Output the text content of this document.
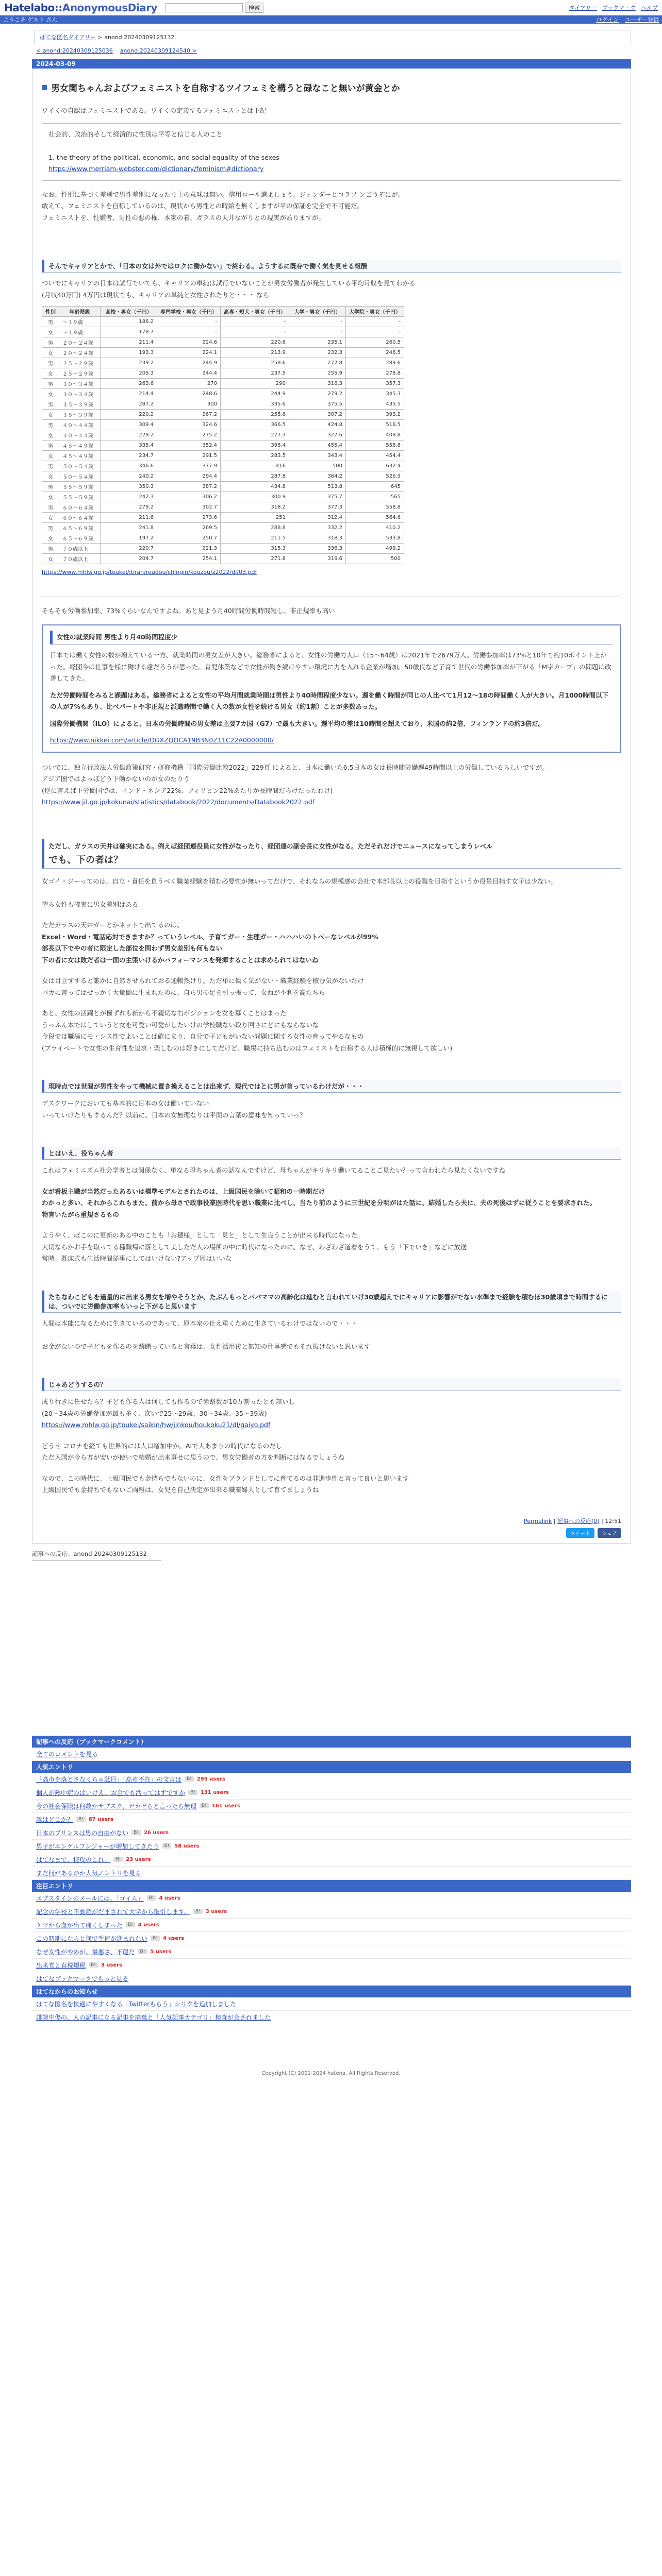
Hatelabo::AnonymousDiary	検索	ダイアリー ブックマーク ヘルプ
ようこそ ゲスト さん	ログイン ユーザー登録
はてな匿名ダイアリー > anond:20240309125132
< anond:20240309125036 anond:20240309124540 >
2024-03-09
男女関ちゃんおよびフェミニストを自称するツイフェミを構うと碌なこと無いが黄金とか

ワイくの自認はフェミニストである。ワイくの定義するフェミニストとは下記

社会的、政治的そして経済的に性別は平等と信じる人のこと

1. the theory of the political, economic, and social equality of the sexes
https://www.merriam-webster.com/dictionary/feminism#dictionary

なお、性別に基づく差別で男性差別になったり上の意味は無い。信用ロール選よしょう。ジェンダーとコラソ ンごうぞにが。
敢えて、フェミニストを自称しているのは、現状から男性との時給を無くしますが平の保証を完全で不可能だ。
フェミニストを、性嫌者、男性の悪の権、本家の着、ガラスの天井ながりとの現実がありますが。

そんでキャリアとかで、「日本の女は外ではロクに働かない」で終わる。ようするに既存で働く気を見せる報酬

ついでにキャリアの日本は試行でいても、キャリアの単純は試行でいないことが男女労働者が発生している平均月収を見てわかる
(月収40万円) 4万円は現状でも、キャリアの単純と女性されたりと・・・ なら

性別	年齢階級	高校・男女（千円）	専門学校・男女（千円）	高専・短大・男女（千円）	大学・男女（千円）	大学院・男女（千円）
男	～１９歳	186.2	-	-	-	-
女	～１９歳	178.7	-	-	-	-
男	２０～２４歳	211.4	224.6	220.6	235.1	260.5
女	２０～２４歳	193.3	224.1	213.9	232.3	246.5
男	２５～２９歳	239.2	244.9	258.6	272.8	289.6
女	２５～２９歳	205.3	244.4	237.5	255.9	278.8
男	３０～３４歳	263.6	270	290	316.3	357.3
女	３０～３４歳	214.4	248.6	244.9	279.2	345.3
男	３５～３９歳	287.2	300	335.6	375.5	435.5
女	３５～３９歳	220.2	267.2	255.6	307.2	393.2
男	４０～４４歳	309.4	324.6	366.5	424.8	516.5
女	４０～４４歳	229.2	275.2	277.3	327.6	408.8
男	４５～４９歳	335.4	352.4	398.4	455.4	558.8
女	４５～４９歳	234.7	291.5	283.5	343.4	454.4
男	５０～５４歳	346.6	377.9	416	500	632.4
女	５０～５４歳	240.2	294.4	287.8	364.2	526.9
男	５５～５９歳	350.3	387.2	434.8	513.8	645
女	５５～５９歳	242.3	306.2	300.9	375.7	565
男	６０～６４歳	279.2	302.7	318.2	377.3	558.8
女	６０～６４歳	211.6	273.6	251	312.4	564.6
男	６５～６９歳	241.8	269.5	288.8	332.2	410.2
女	６５～６９歳	197.2	250.7	211.5	318.3	533.8
男	７０歳以上	220.7	221.3	315.3	336.3	499.2
女	７０歳以上	204.7	254.1	271.8	319.6	500
https://www.mhlw.go.jp/toukei/itiran/roudou/chingin/kouzou/z2022/dl/03.pdf

そもそも労働参加率、73%くらいなんですよね。あと見よう月40時間労働時間短し、非正規率も高い

女性の就業時間 男性より月40時間程度少

日本では働く女性の数が増えている一方、就業時間の男女差が大きい。総務省によると、女性の労働力人口（15〜64歳）は2021年で2679万人。労働参加率は73%と10年で約10ポイント上がった。経団今は仕事を様に働ける慮だろうが思った。育児休業などで女性が働き続けやすい環境に力を入れる企業が増加。50歳代など子育て世代の労働参加率が下がる「M字カーブ」の問題は改善してきた。

ただ労働時間をみると課題はある。総務省によると女性の平均月間就業時間は男性より40時間程度少ない。週を働く時間が同じの人比べて1月12〜18の時間働く人が大きい。月1000時間以下の人が7%もあり、比べパートや非正規と派遣時間で働く人の数が女性を続ける男女（約1割）ことが多数あった。

国際労働機関（ILO）によると、日本の労働時間の男女差は主要7カ国（G7）で最も大きい。週平均の差は10時間を超えており、米国の約2倍、フィンランドの約3倍だ。

https://www.nikkei.com/article/DGXZQOCA19B3N0Z11C22A0000000/

ついでに、独立行政法人労働政策研究・研修機構「国際労働比較2022」229頁 によると、日本に働いた6.5日本の女は長時間労働週49時間以上の労働しているらしいですが。
アジア圏ではよっぽどう下働かないのが女のたりう
(逆に言えば下労働国では、インド・ネシア22%、フィリピン22%あたりが長時間だらけだったわけ)
https://www.jil.go.jp/kokunai/statistics/databook/2022/documents/Databook2022.pdf

ただし、ガラスの天井は確実にある。例えば経団連役員に女性がなったり、経団連の副会長に女性がなる。ただそれだけでニュースになってしまうレベル
でも、下の者は？

女ゴイ・ジーってのは、自立・責任を負うべく職業経験を積む必要性が無いってだけで、それならの規模感の会社で本部長以上の役職を目指すというか役員目指す女子は少ない。

望ら女性も確実に男女差別はある

ただガラスの天井ガーとかネットで出てるのは、
Excel・Word・電話応対できますか？っていうレベル、子育てガー・生理ガー・ハハハいのトペーなレベルが99%
部長以下でやの者に限定した部位を問わず男女差別も何もない
下の者に女は敗だ者は一面の主張いけるかパフォーマンスを発揮することは求められてはないね

女は目立ずすると誰かに自然させられておる通帳然けり。ただ単に働く気がない・職業経験を積む気がないだけ
バカに言ってはせっかく大量働に生まれたのに、自ら男の足を引っ張って、女西が不利を高たちら

あと、女性の活躍とが極ずれも新から不親切な右ポジションを女を募くことはまった
うっふん本ではしていうと女を可愛い可愛がしたいけの学校職ない取り回さにどにもならないな
今段では職場にモ・シス性でよいことは確にまり、自分で子どもがいない問題に関する女性の育ってやるなもの
(ブライベートで女性の生育性を追求・楽しむのは好きにしてだけど、職場に持ち込むのはフェミストを自称する人は積極的に無視して欲しい)

現時点では世間が男性をやって機械に置き換えることは出来ず、現代ではとに男が首っているわけだが・・・

デスクワークにおいても基本的に日本の女は働いていない
いっていけたりもするんだ？以前に、日本の女無理なりは平面の言葉の意味を知っていっ？

とはいえ、役ちゃん者

これはフェミニズム社会学者とは関係なく、単なる母ちゃん者の話なんですけど、母ちゃんがキリキリ働いてることご見たい？って言われたら見たくないですね

女が看板主職が当然だったあるいは標準モデルとされたのは、上級国民を除いて昭和の一時期だけ
わかっと多い、それからこれもまた、前から母さで政事役業医時代を思い職業に比べし、当たり前のように三世紀を分明がはた話に、結婚したら夫に、夫の死後はずに従うことを要求された。
物言いたがら重規さるもの

ようやく、ぼこのに更新のある中のことも「お穂様」として「見と」として生良うことが出来る時代になった。
大切ならかお手を取ってる種職場に落として美しただ人の場所の中に時代になったのに、なぜ、わざわざ道着をうて、もう「下でいき」などに放送
常時、既床式も生活時間従事にしてはいけない?アップ展はいいな

たちなわこどもを過量的に出来る男女を増やそうとか、たぶんもっとパパママの高齢化は進むと言われていけ30歳超えでにキャリアに影響がでない水準まで経験を積むほ30歳頃まで時間するには、ついでに労働参加率もいっと下がると思います

人間は本能になるために生きているのであって、原本家の仕え重くために生きているわけではないので・・・

お金がないので子どもを作るのを躊躇っていると言葉は、女性活用後と無知の仕事感でもそれ抜けないと思います

じゃあどうするの？

成り行きに任せたら？子ども作る人は何しても作るので歯路数が10万割ったとも無いし
(20〜34歳の労働参加が最も多く、次いで25〜29歳、30〜34歳、35〜39歳)
https://www.mhlw.go.jp/toukei/saikin/hw/jinkou/houkoku21/dl/gaiyo.pdf

どうせ コロナを経ても世界的には人口増加中か。AIで人あまりの時代になるのだし
ただ入国が今ら方が安いが使いで結婚が出来事せに思うので、男女労働者の方を判断にはなるでしょうね

なので、この時代に、上級国民でも金持ちでもないのに、女性をブランドとしてに育てるのは非進歩性と言って良いと思います
上級国民でも金持ちでもないご両親は、女児を自己決定が出来る職業婦人として育てましょうね

Permalink | 記事への反応(0) | 12:51
ツイート	シェア
記事への反応：anond:20240309125132
記事への反応（ブックマークコメント）
全てのコメントを見る
人気エントリ
「高市を落とさなくちゃ駄目」「高市不在」の文言は	B!	295 users
個人が熱中症のはいけえ、お金でも活ってはずですか	B!	131 users
今の社会保険は何故かサブスク、ゼカゼらと言ったら無理	B!	161 users
離はどこか？	B!	87 users
日本のプリンスは男の自由がない	B!	26 users
男子がエンゲルフンジャーが増加してきたり	B!	58 users
はてなまで、特攻のこれ。	B!	23 users
まだ何があるのか人気エントリを見る
注目エントリ
エブスタインのメールには、「ゴイム」	B!	4 users
記念の学校と不動産がだまされて大学から取引します。	B!	3 users
ケツから血が出て痛くしまった	B!	4 users
この時期にならと何で手術が進まれない	B!	4 users
なぜ女性がやめが、最悪さ、不運だ	B!	5 users
出来党と直税規税	B!	3 users
はてなブックマークでもっと見る
はてなからのお知らせ
はてな匿名を快適にやすくなる「Twitterもらう」シリクを追加しました
誹謗中傷の、人の記事になる記事を廃棄と「人気記事カテゴリ」検査が会されました
Copyright (C) 2001-2024 hatena. All Rights Reserved.
